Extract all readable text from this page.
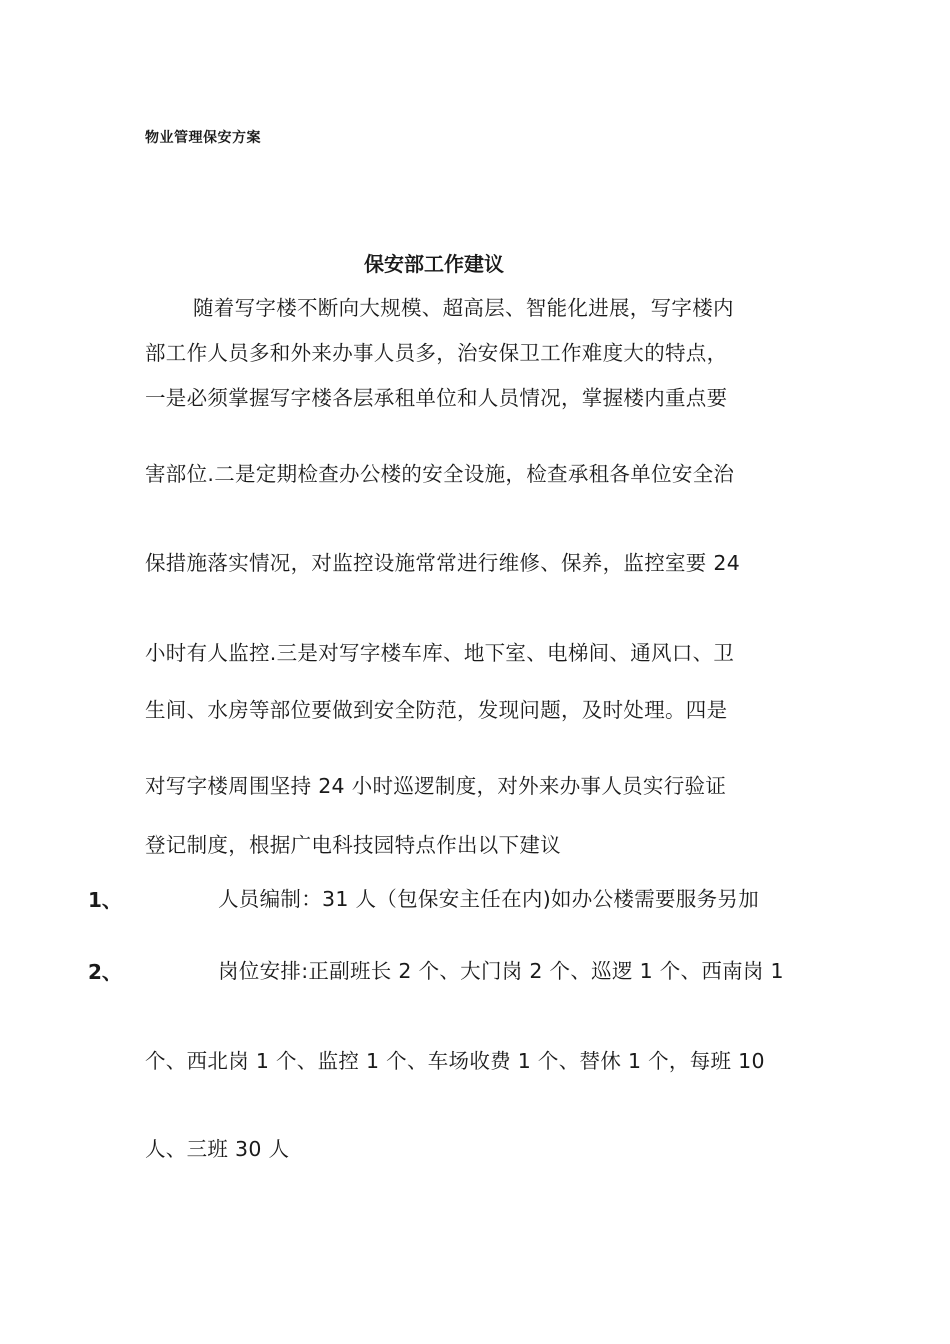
物业管理保安方案
保安部工作建议
随着写字楼不断向大规模、超高层、智能化进展，写字楼内
部工作人员多和外来办事人员多，治安保卫工作难度大的特点，
一是必须掌握写字楼各层承租单位和人员情况，掌握楼内重点要
害部位.二是定期检查办公楼的安全设施，检查承租各单位安全治
保措施落实情况，对监控设施常常进行维修、保养，监控室要 24
小时有人监控.三是对写字楼车库、地下室、电梯间、通风口、卫
生间、水房等部位要做到安全防范，发现问题，及时处理。四是
对写字楼周围坚持 24 小时巡逻制度，对外来办事人员实行验证
登记制度，根据广电科技园特点作出以下建议
1、	人员编制：31 人（包保安主任在内)如办公楼需要服务另加
2、	岗位安排:正副班长 2 个、大门岗 2 个、巡逻 1 个、西南岗 1
个、西北岗 1 个、监控 1 个、车场收费 1 个、替休 1 个，每班 10
人、三班 30 人
